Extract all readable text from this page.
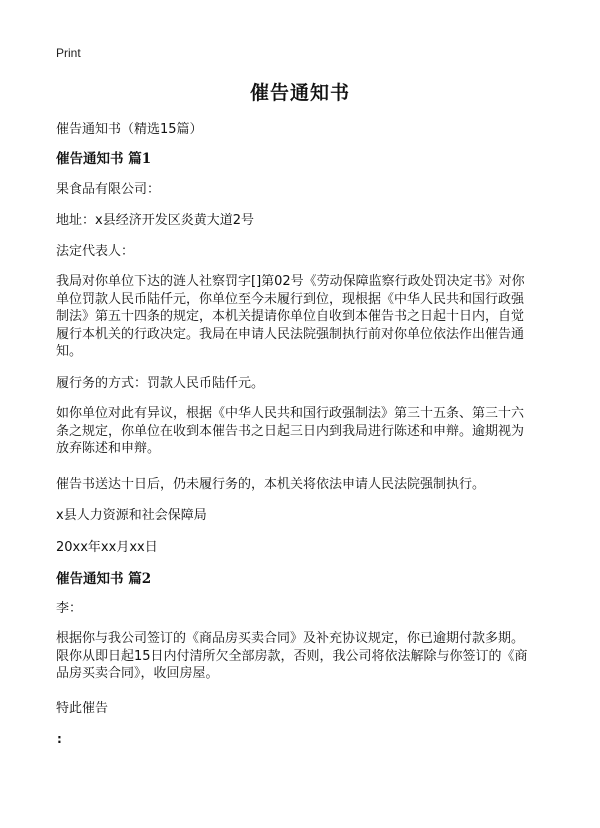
Print
催告通知书
催告通知书（精选15篇）
催告通知书 篇1
果食品有限公司：
地址：x县经济开发区炎黄大道2号
法定代表人：
我局对你单位下达的涟人社察罚字[]第02号《劳动保障监察行政处罚决定书》对你
单位罚款人民币陆仟元，你单位至今未履行到位，现根据《中华人民共和国行政强
制法》第五十四条的规定，本机关提请你单位自收到本催告书之日起十日内，自觉
履行本机关的行政决定。我局在申请人民法院强制执行前对你单位依法作出催告通
知。
履行务的方式：罚款人民币陆仟元。
如你单位对此有异议，根据《中华人民共和国行政强制法》第三十五条、第三十六
条之规定，你单位在收到本催告书之日起三日内到我局进行陈述和申辩。逾期视为
放弃陈述和申辩。
催告书送达十日后，仍未履行务的，本机关将依法申请人民法院强制执行。
x县人力资源和社会保障局
20xx年xx月xx日
催告通知书 篇2
李：
根据你与我公司签订的《商品房买卖合同》及补充协议规定，你已逾期付款多期。
限你从即日起15日内付清所欠全部房款，否则，我公司将依法解除与你签订的《商
品房买卖合同》，收回房屋。
特此催告
:
